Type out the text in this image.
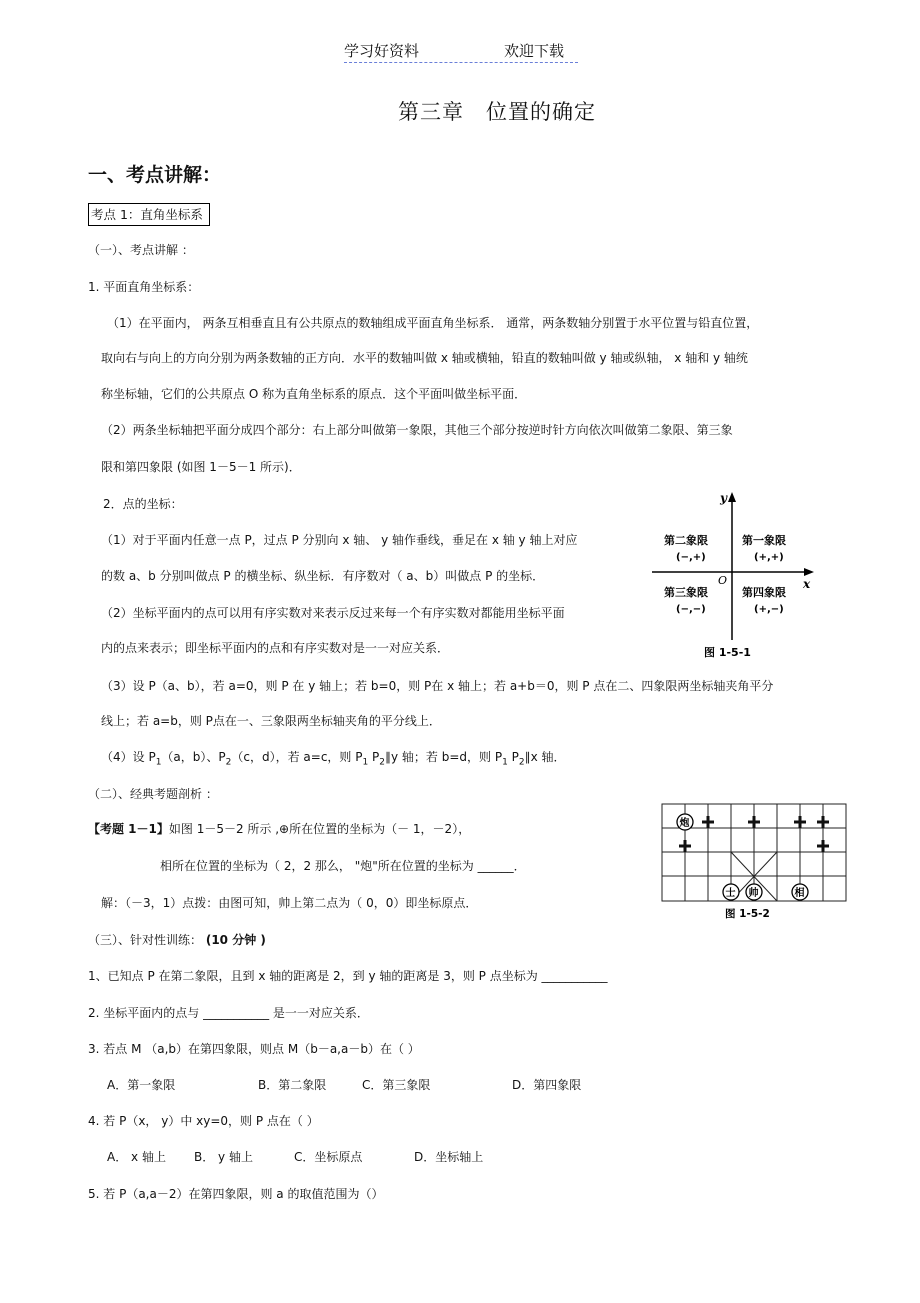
学习好资料	欢迎下载
第三章　位置的确定
一、考点讲解：
考点 1：直角坐标系
（一）、考点讲解 ：
1. 平面直角坐标系：
（1）在平面内， 两条互相垂直且有公共原点的数轴组成平面直角坐标系． 通常，两条数轴分别置于水平位置与铅直位置，
取向右与向上的方向分别为两条数轴的正方向．水平的数轴叫做 x 轴或横轴，铅直的数轴叫做 y 轴或纵轴， x 轴和 y 轴统
称坐标轴，它们的公共原点 O 称为直角坐标系的原点．这个平面叫做坐标平面．
（2）两条坐标轴把平面分成四个部分：右上部分叫做第一象限，其他三个部分按逆时针方向依次叫做第二象限、第三象
限和第四象限 (如图 1－5－1 所示)．
2．点的坐标：
（1）对于平面内任意一点 P，过点 P 分别向 x 轴、 y 轴作垂线，垂足在 x 轴 y 轴上对应
的数 a、b 分别叫做点 P 的横坐标、纵坐标．有序数对（ a、b）叫做点 P 的坐标．
（2）坐标平面内的点可以用有序实数对来表示反过来每一个有序实数对都能用坐标平面
内的点来表示；即坐标平面内的点和有序实数对是一一对应关系．
（3）设 P（a、b），若 a=0，则 P 在 y 轴上；若 b=0，则 P在 x 轴上；若 a+b＝0，则 P 点在二、四象限两坐标轴夹角平分
线上；若 a=b，则 P点在一、三象限两坐标轴夹角的平分线上．
（4）设 $P_1(a$，b）、$P_2(c$，d），若 a=c，则 $P_1$ $P_2\parallel y$ 轴；若 b=d，则 $P_1$ $P_2\parallel x$ 轴．
（二）、经典考题剖析 ：
【考题 1－1】如图 1－5－2 所示 ,⊕所在位置的坐标为（－ 1，－2），
相所在位置的坐标为（ 2，2 那么， "炮"所在位置的坐标为 ______．
解：（－3，1）点拨：由图可知，帅上第二点为（ 0，0）即坐标原点．
（三）、针对性训练： (10 分钟 )
1、已知点 P 在第二象限，且到 x 轴的距离是 2，到 y 轴的距离是 3，则 P 点坐标为 ___________
2. 坐标平面内的点与 ___________ 是一一对应关系．
3. 若点 M （a,b）在第四象限，则点 M（b－a,a－b）在（ ）
A．第一象限	B．第二象限	C．第三象限	D．第四象限
4. 若 P（x， y）中 xy=0，则 P 点在（ ）
A． x 轴上 B． y 轴上	C．坐标原点	D．坐标轴上
5. 若 P（a,a－2）在第四象限，则 a 的取值范围为（）
y
x
O
第二象限
(−,+)
第一象限
(+,+)
第三象限
(−,−)
第四象限
(+,−)
图 1-5-1
炮
士 帅	相
图 1-5-2
